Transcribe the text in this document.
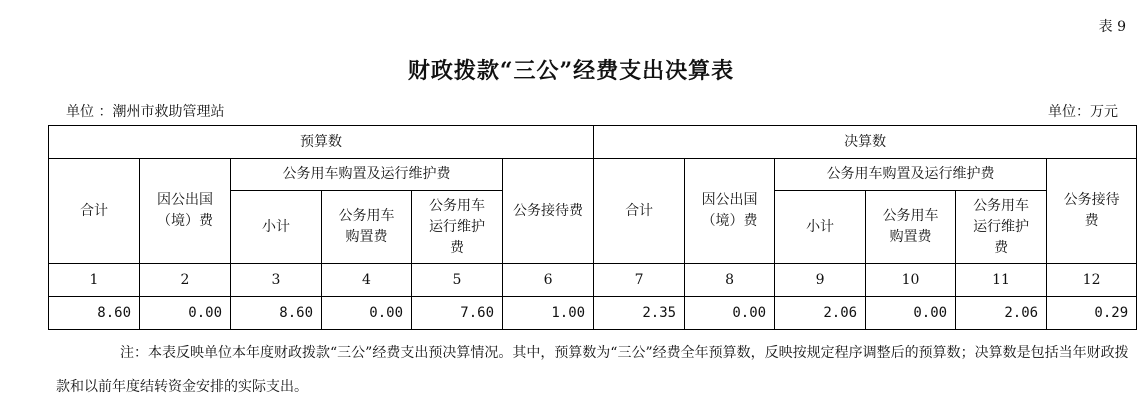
表 9
财政拨款“三公”经费支出决算表
单位 ：潮州市救助管理站	单位：万元
预算数						决算数					
合计	因公出国（境）费	公务用车购置及运行维护费			公务接待费	合计	因公出国（境）费	公务用车购置及运行维护费			公务接待费
		小计	公务用车购置费	公务用车运行维护费				小计	公务用车购置费	公务用车运行维护费	
1	2	3	4	5	6	7	8	9	10	11	12
8.60	0.00	8.60	0.00	7.60	1.00	2.35	0.00	2.06	0.00	2.06	0.29
注：本表反映单位本年度财政拨款“三公”经费支出预决算情况。其中，预算数为“三公”经费全年预算数，反映按规定程序调整后的预算数；决算数是包括当年财政拨款和以前年度结转资金安排的实际支出。
